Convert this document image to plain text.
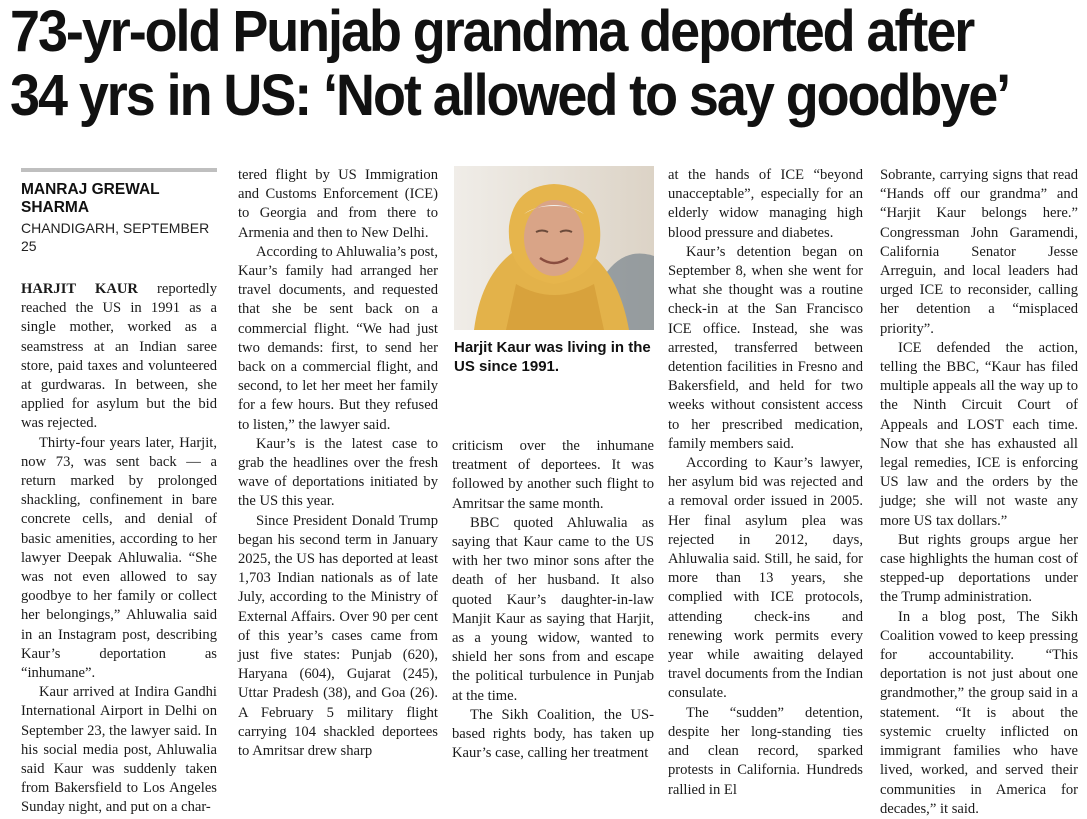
73-yr-old Punjab grandma deported after
34 yrs in US: ‘Not allowed to say goodbye’
MANRAJ GREWAL SHARMA
CHANDIGARH, SEPTEMBER 25

HARJIT KAUR reportedly reached the US in 1991 as a single mother, worked as a seamstress at an Indian saree store, paid taxes and volunteered at gurdwaras. In between, she applied for asylum but the bid was rejected.

Thirty-four years later, Harjit, now 73, was sent back — a return marked by prolonged shackling, confinement in bare concrete cells, and denial of basic amenities, according to her lawyer Deepak Ahluwalia. “She was not even allowed to say goodbye to her family or collect her belongings,” Ahluwalia said in an Instagram post, describing Kaur’s deportation as “inhumane”.

Kaur arrived at Indira Gandhi International Airport in Delhi on September 23, the lawyer said. In his social media post, Ahluwalia said Kaur was suddenly taken from Bakersfield to Los Angeles Sunday night, and put on a char-

tered flight by US Immigration and Customs Enforcement (ICE) to Georgia and from there to Armenia and then to New Delhi.

According to Ahluwalia’s post, Kaur’s family had arranged her travel documents, and requested that she be sent back on a commercial flight. “We had just two demands: first, to send her back on a commercial flight, and second, to let her meet her family for a few hours. But they refused to listen,” the lawyer said.

Kaur’s is the latest case to grab the headlines over the fresh wave of deportations initiated by the US this year.

Since President Donald Trump began his second term in January 2025, the US has deported at least 1,703 Indian nationals as of late July, according to the Ministry of External Affairs. Over 90 per cent of this year’s cases came from just five states: Punjab (620), Haryana (604), Gujarat (245), Uttar Pradesh (38), and Goa (26). A February 5 military flight carrying 104 shackled deportees to Amritsar drew sharp

Harjit Kaur was living in the US since 1991.

criticism over the inhumane treatment of deportees. It was followed by another such flight to Amritsar the same month.

BBC quoted Ahluwalia as saying that Kaur came to the US with her two minor sons after the death of her husband. It also quoted Kaur’s daughter-in-law Manjit Kaur as saying that Harjit, as a young widow, wanted to shield her sons from and escape the political turbulence in Punjab at the time.

The Sikh Coalition, the US-based rights body, has taken up Kaur’s case, calling her treatment

at the hands of ICE “beyond unacceptable”, especially for an elderly widow managing high blood pressure and diabetes.

Kaur’s detention began on September 8, when she went for what she thought was a routine check-in at the San Francisco ICE office. Instead, she was arrested, transferred between detention facilities in Fresno and Bakersfield, and held for two weeks without consistent access to her prescribed medication, family members said.

According to Kaur’s lawyer, her asylum bid was rejected and a removal order issued in 2005. Her final asylum plea was rejected in 2012, days, Ahluwalia said. Still, he said, for more than 13 years, she complied with ICE protocols, attending check-ins and renewing work permits every year while awaiting delayed travel documents from the Indian consulate.

The “sudden” detention, despite her long-standing ties and clean record, sparked protests in California. Hundreds rallied in El

Sobrante, carrying signs that read “Hands off our grandma” and “Harjit Kaur belongs here.” Congressman John Garamendi, California Senator Jesse Arreguin, and local leaders had urged ICE to reconsider, calling her detention a “misplaced priority”.

ICE defended the action, telling the BBC, “Kaur has filed multiple appeals all the way up to the Ninth Circuit Court of Appeals and LOST each time. Now that she has exhausted all legal remedies, ICE is enforcing US law and the orders by the judge; she will not waste any more US tax dollars.”

But rights groups argue her case highlights the human cost of stepped-up deportations under the Trump administration.

In a blog post, The Sikh Coalition vowed to keep pressing for accountability. “This deportation is not just about one grandmother,” the group said in a statement. “It is about the systemic cruelty inflicted on immigrant families who have lived, worked, and served their communities in America for decades,” it said.
